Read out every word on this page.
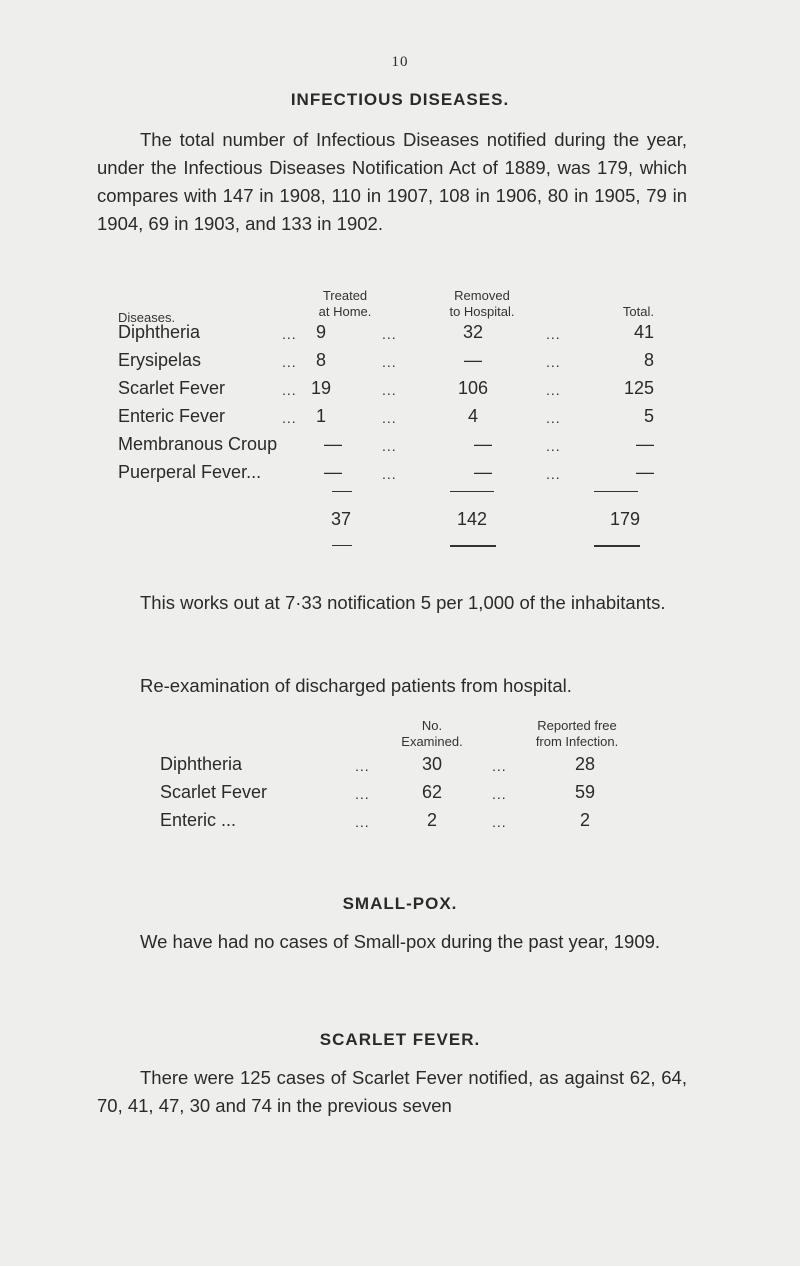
10
INFECTIOUS DISEASES.
The total number of Infectious Diseases notified during the year, under the Infectious Diseases Notification Act of 1889, was 179, which compares with 147 in 1908, 110 in 1907, 108 in 1906, 80 in 1905, 79 in 1904, 69 in 1903, and 133 in 1902.
Diseases.
Treated
at Home.
Removed
to Hospital.	Total.
Diphtheria	...	9	...	32	...	41
Erysipelas	...	8	...	—	...	8
Scarlet Fever	... 19	...	106	...	125
Enteric Fever	...	1	...	4	...	5
Membranous Croup	—	...	—	...	—
Puerperal Fever...	—	...	—	...	—
37	142	179
This works out at 7·33 notification 5 per 1,000 of the inhabitants.
Re-examination of discharged patients from hospital.
No.
Examined.
Reported free
from Infection.
Diphtheria	...	30	...	28
Scarlet Fever	...	62	...	59
Enteric ...	...	2	...	2
SMALL-POX.
We have had no cases of Small-pox during the past year, 1909.
SCARLET FEVER.
There were 125 cases of Scarlet Fever notified, as against 62, 64, 70, 41, 47, 30 and 74 in the previous seven
